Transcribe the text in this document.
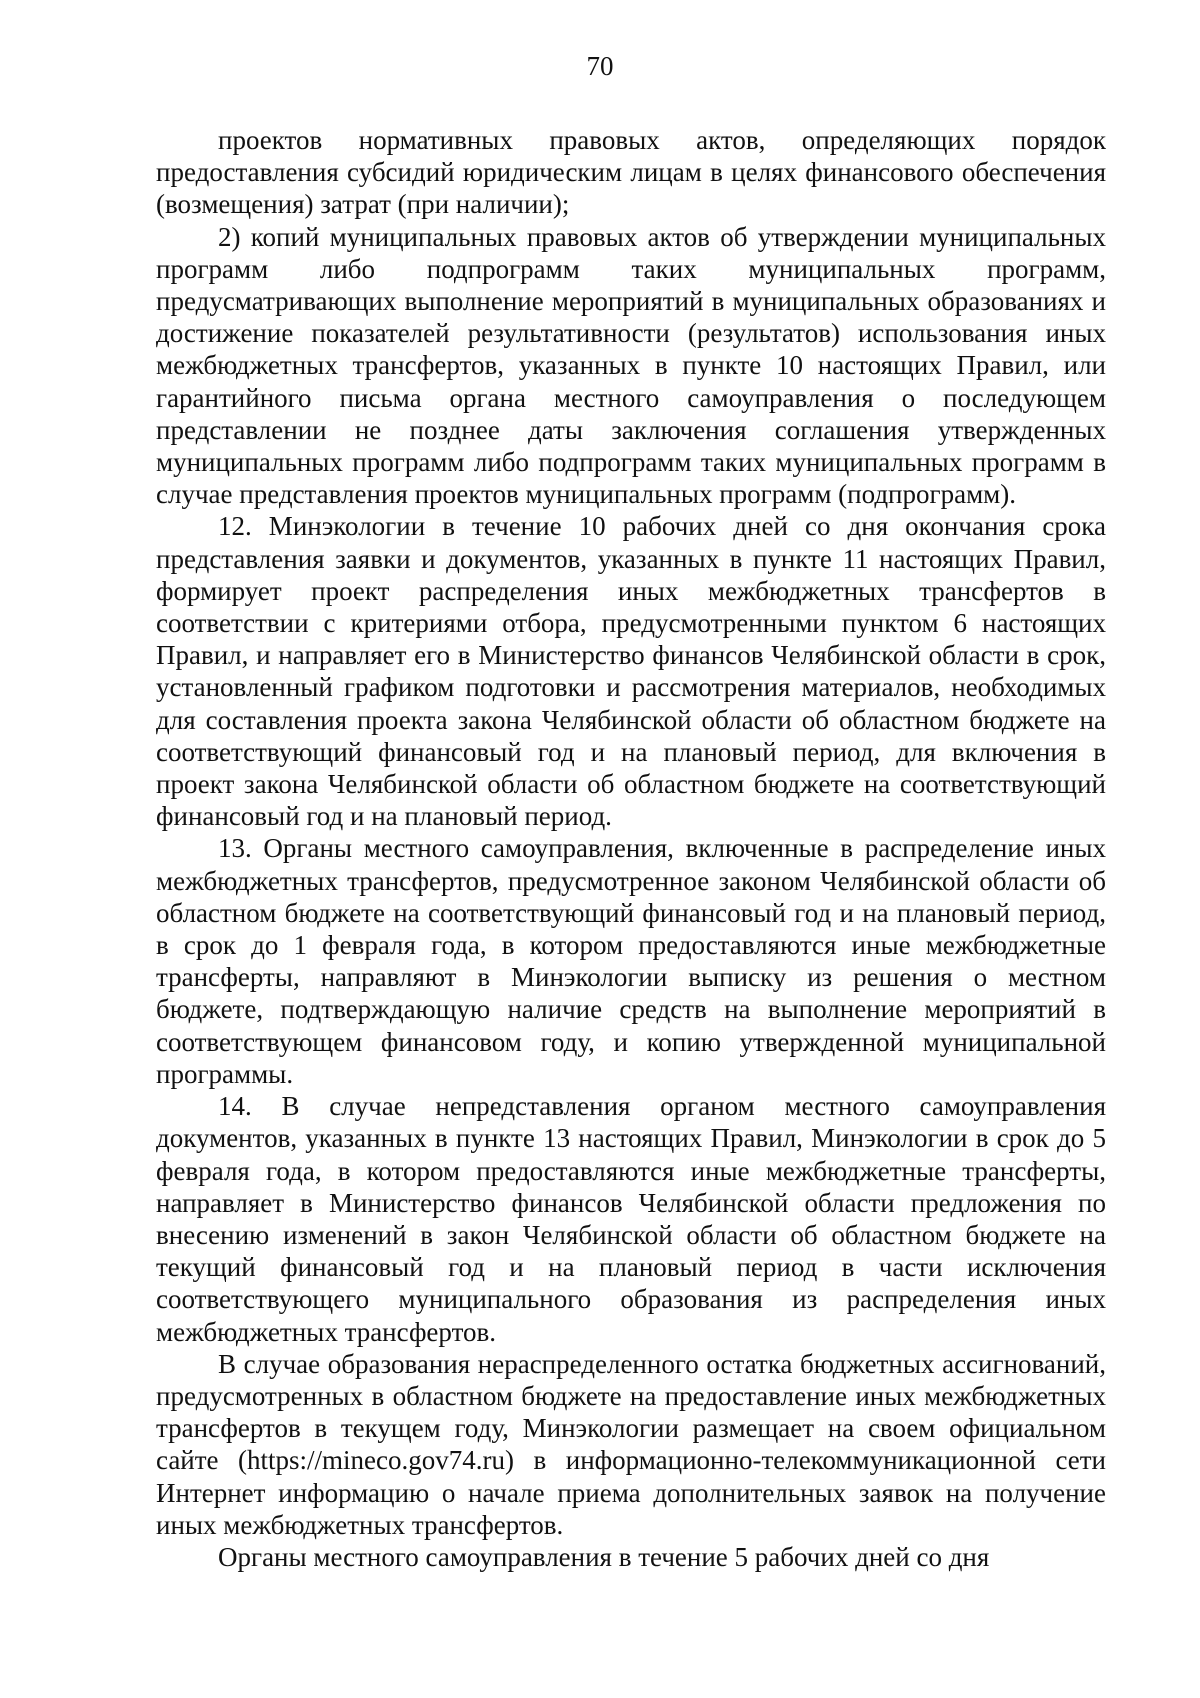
70

проектов нормативных правовых актов, определяющих порядок предоставления субсидий юридическим лицам в целях финансового обеспечения (возмещения) затрат (при наличии);

2) копий муниципальных правовых актов об утверждении муниципальных программ либо подпрограмм таких муниципальных программ, предусматривающих выполнение мероприятий в муниципальных образованиях и достижение показателей результативности (результатов) использования иных межбюджетных трансфертов, указанных в пункте 10 настоящих Правил, или гарантийного письма органа местного самоуправления о последующем представлении не позднее даты заключения соглашения утвержденных муниципальных программ либо подпрограмм таких муниципальных программ в случае представления проектов муниципальных программ (подпрограмм).

12. Минэкологии в течение 10 рабочих дней со дня окончания срока представления заявки и документов, указанных в пункте 11 настоящих Правил, формирует проект распределения иных межбюджетных трансфертов в соответствии с критериями отбора, предусмотренными пунктом 6 настоящих Правил, и направляет его в Министерство финансов Челябинской области в срок, установленный графиком подготовки и рассмотрения материалов, необходимых для составления проекта закона Челябинской области об областном бюджете на соответствующий финансовый год и на плановый период, для включения в проект закона Челябинской области об областном бюджете на соответствующий финансовый год и на плановый период.

13. Органы местного самоуправления, включенные в распределение иных межбюджетных трансфертов, предусмотренное законом Челябинской области об областном бюджете на соответствующий финансовый год и на плановый период, в срок до 1 февраля года, в котором предоставляются иные межбюджетные трансферты, направляют в Минэкологии выписку из решения о местном бюджете, подтверждающую наличие средств на выполнение мероприятий в соответствующем финансовом году, и копию утвержденной муниципальной программы.

14. В случае непредставления органом местного самоуправления документов, указанных в пункте 13 настоящих Правил, Минэкологии в срок до 5 февраля года, в котором предоставляются иные межбюджетные трансферты, направляет в Министерство финансов Челябинской области предложения по внесению изменений в закон Челябинской области об областном бюджете на текущий финансовый год и на плановый период в части исключения соответствующего муниципального образования из распределения иных межбюджетных трансфертов.

В случае образования нераспределенного остатка бюджетных ассигнований, предусмотренных в областном бюджете на предоставление иных межбюджетных трансфертов в текущем году, Минэкологии размещает на своем официальном сайте (https://mineco.gov74.ru) в информационно-телекоммуникационной сети Интернет информацию о начале приема дополнительных заявок на получение иных межбюджетных трансфертов.

Органы местного самоуправления в течение 5 рабочих дней со дня
